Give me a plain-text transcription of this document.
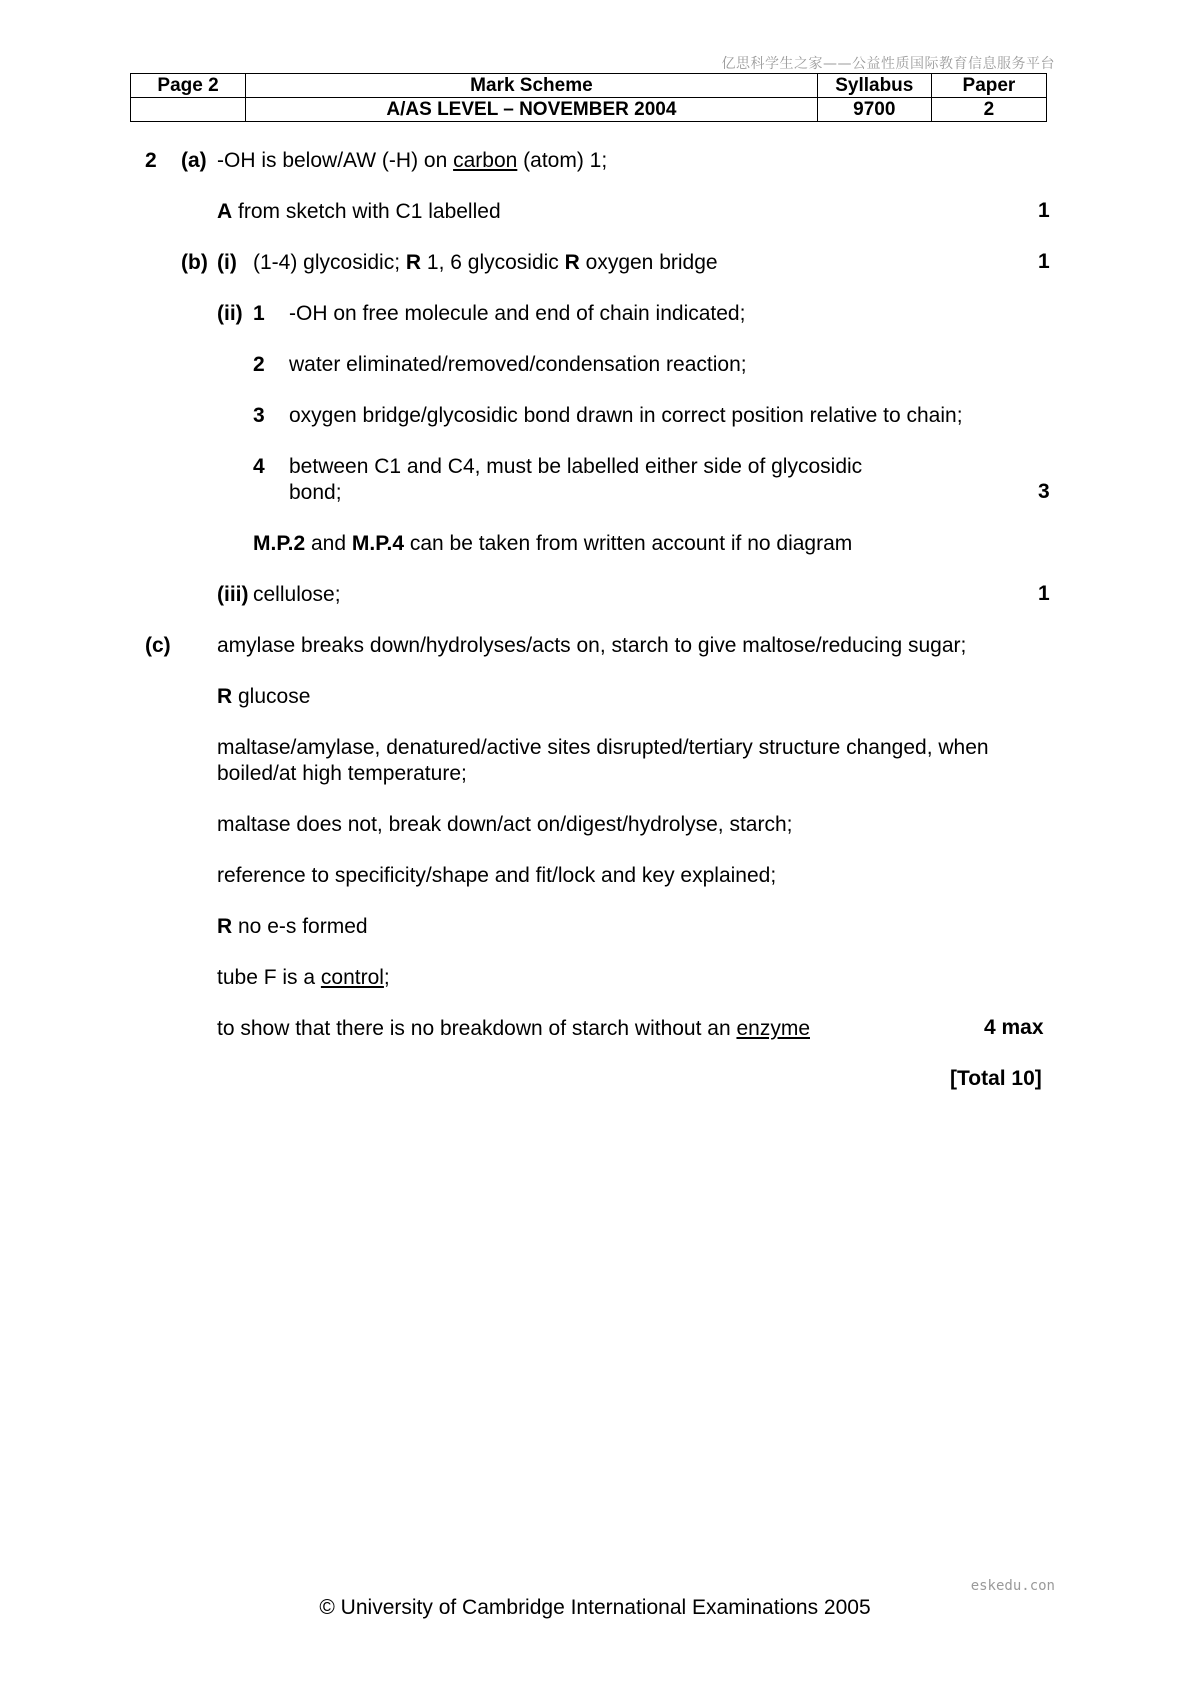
亿思科学生之家——公益性质国际教育信息服务平台
Page 2	Mark Scheme	Syllabus	Paper
	A/AS LEVEL – NOVEMBER 2004	9700	2
2 (a) -OH is below/AW (-H) on carbon (atom) 1;
A from sketch with C1 labelled	1
(b) (i) (1-4) glycosidic; R 1, 6 glycosidic R oxygen bridge	1
(ii) 1 -OH on free molecule and end of chain indicated;
2 water eliminated/removed/condensation reaction;
3 oxygen bridge/glycosidic bond drawn in correct position relative to chain;
4 between C1 and C4, must be labelled either side of glycosidic
bond;	3
M.P.2 and M.P.4 can be taken from written account if no diagram
(iii) cellulose;	1
(c) amylase breaks down/hydrolyses/acts on, starch to give maltose/reducing sugar;
R glucose
maltase/amylase, denatured/active sites disrupted/tertiary structure changed, when
boiled/at high temperature;
maltase does not, break down/act on/digest/hydrolyse, starch;
reference to specificity/shape and fit/lock and key explained;
R no e-s formed
tube F is a control;
to show that there is no breakdown of starch without an enzyme	4 max
[Total 10]
eskedu.con
© University of Cambridge International Examinations 2005
